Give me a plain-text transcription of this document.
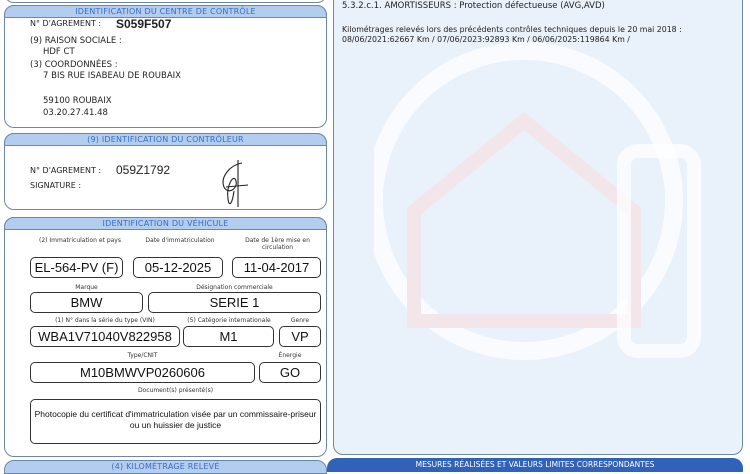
IDENTIFICATION DU CENTRE DE CONTRÔLE
N° D'AGREMENT : S059F507
(9) RAISON SOCIALE :
HDF CT
(3) COORDONNÉES :
7 BIS RUE ISABEAU DE ROUBAIX
59100 ROUBAIX
03.20.27.41.48
(9) IDENTIFICATION DU CONTRÔLEUR
N° D'AGREMENT : 059Z1792
SIGNATURE :
IDENTIFICATION DU VÉHICULE
(2) Immatriculation et pays	Date d'immatriculation	Date de 1ère mise en circulation
EL-564-PV (F)	05-12-2025	11-04-2017
Marque	Désignation commerciale
BMW	SERIE 1
(1) N° dans la série du type (VIN)	(5) Catégorie internationale	Genre
WBA1V71040V822958	M1	VP
Type/CNIT	Énergie
M10BMWVP0260606	GO
Document(s) présenté(s)
Photocopie du certificat d'immatriculation visée par un commissaire-priseur ou un huissier de justice
(4) KILOMÉTRAGE RELEVÉ
5.3.2.c.1. AMORTISSEURS : Protection défectueuse (AVG,AVD)
Kilométrages relevés lors des précédents contrôles techniques depuis le 20 mai 2018 :
08/06/2021:62667 Km / 07/06/2023:92893 Km / 06/06/2025:119864 Km /
MESURES RÉALISÉES ET VALEURS LIMITES CORRESPONDANTES
